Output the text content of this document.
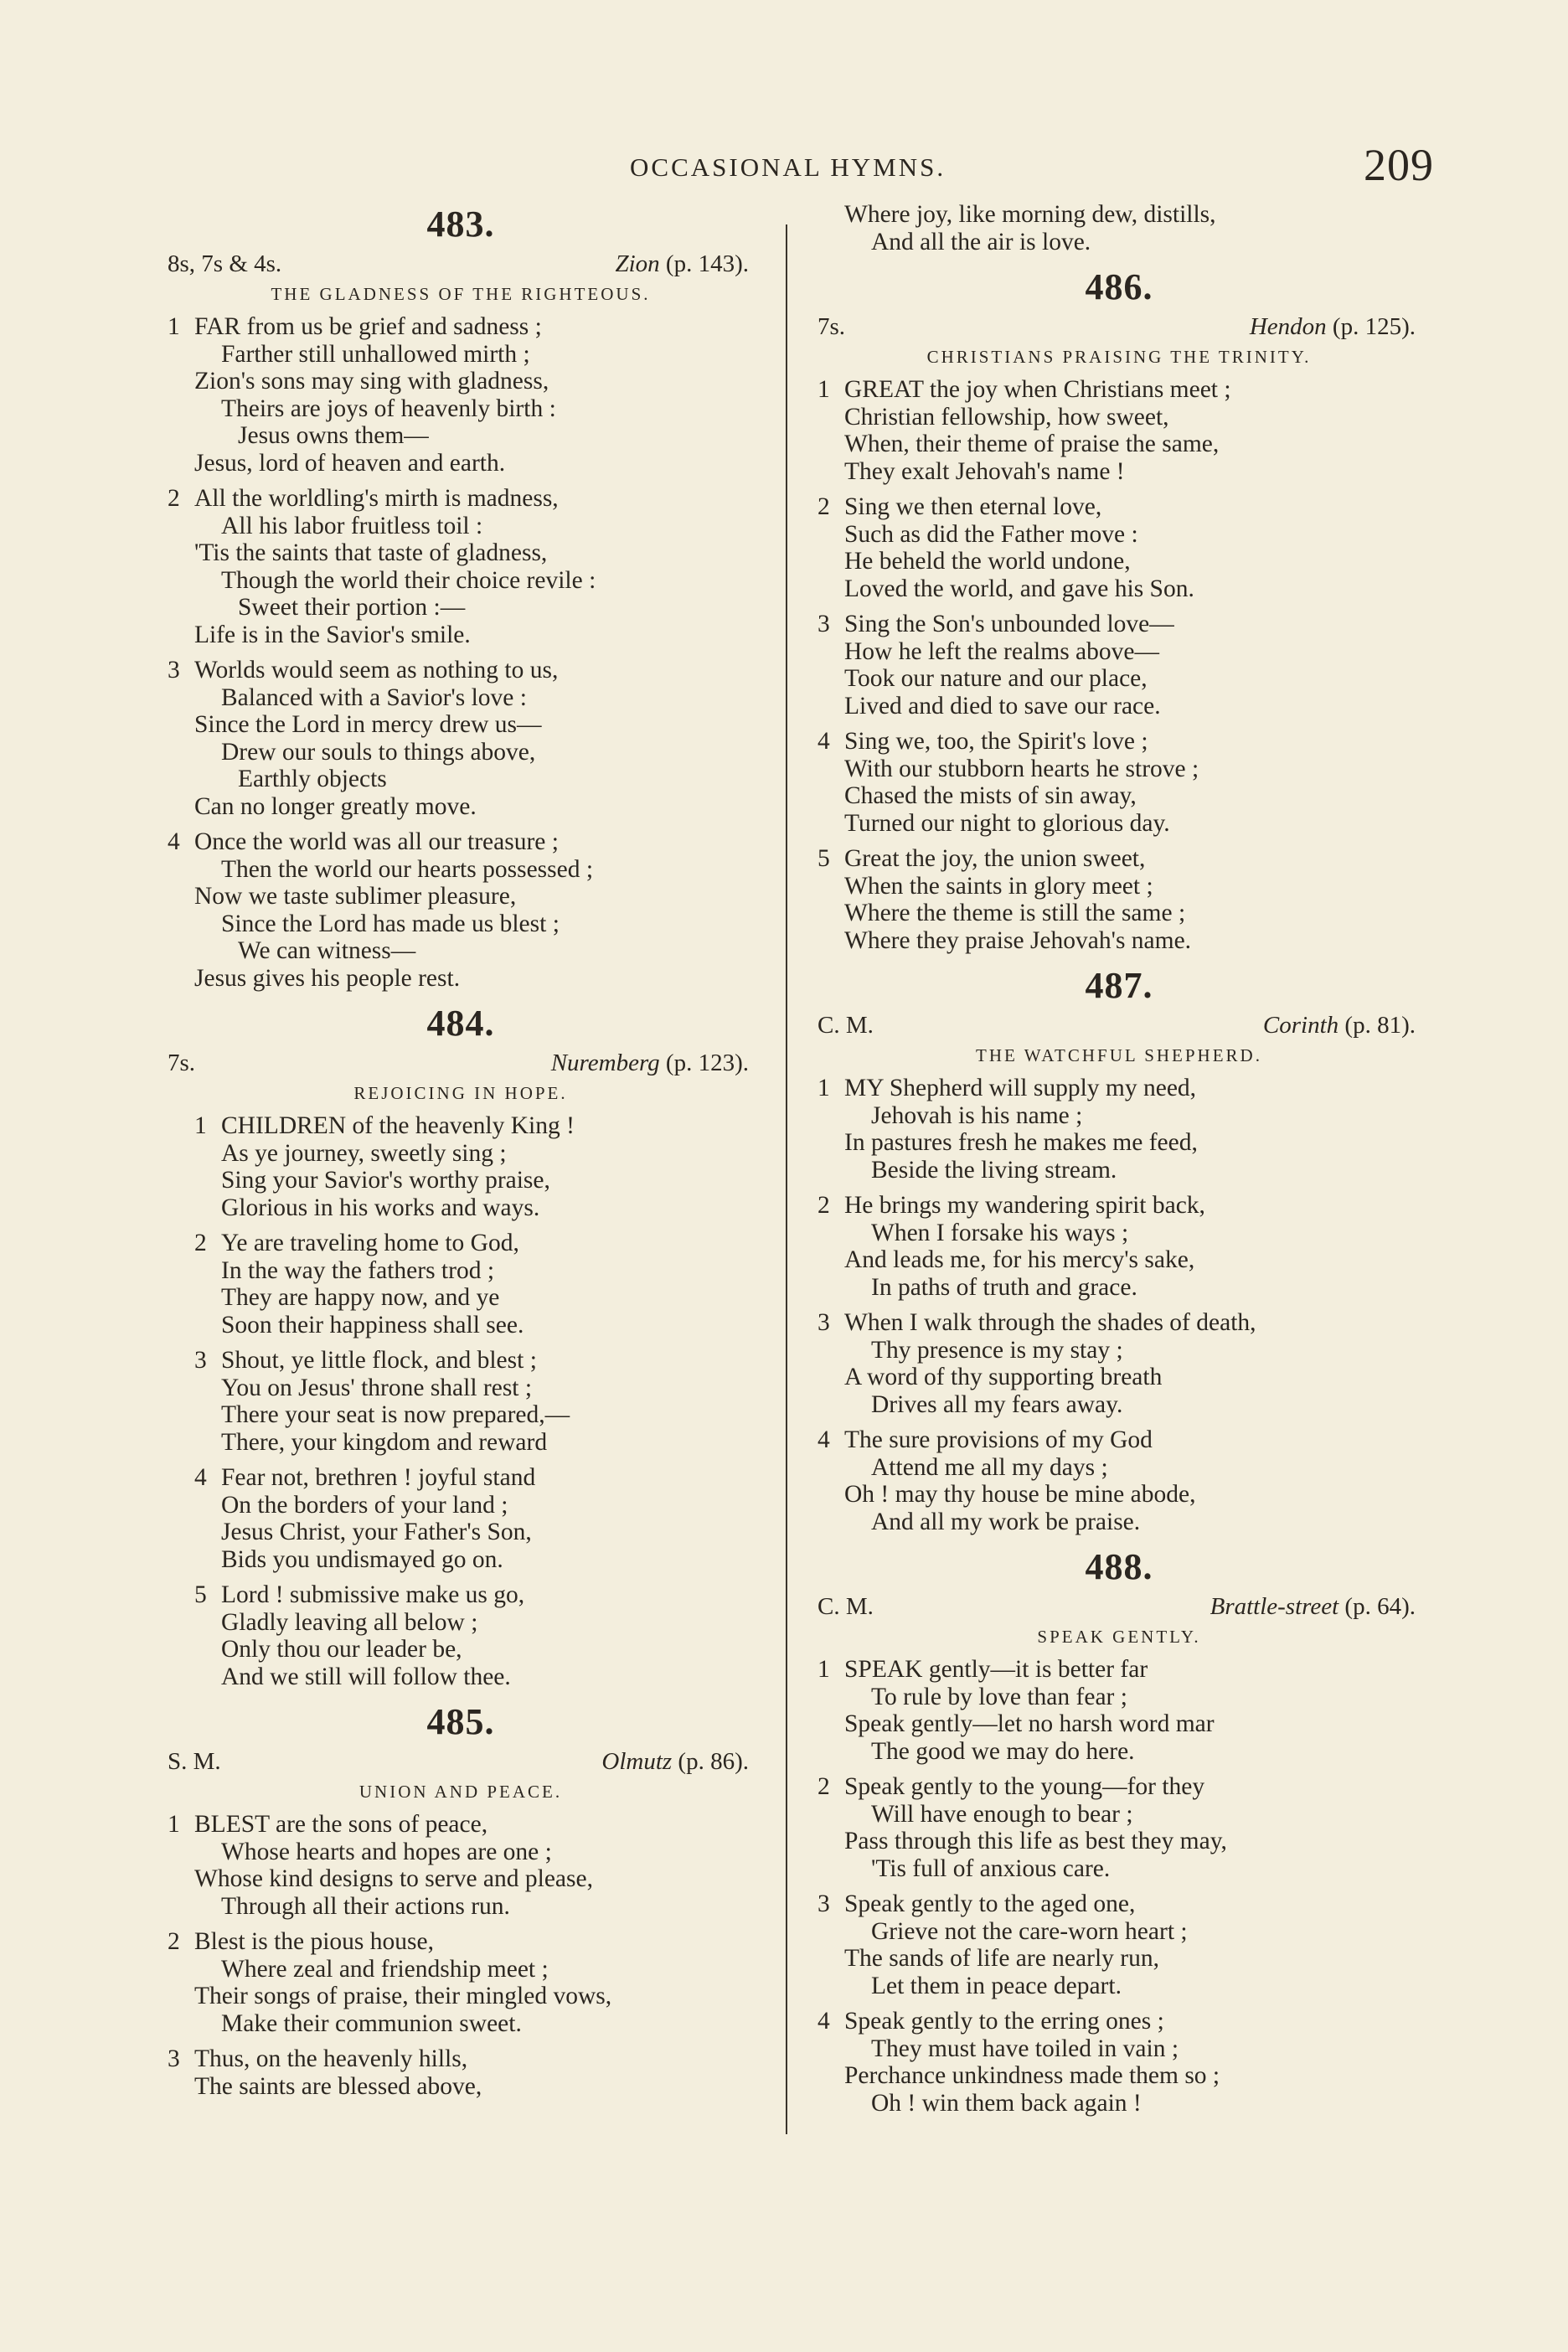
OCCASIONAL HYMNS.	209
483.
8s, 7s & 4s.	Zion (p. 143).
THE GLADNESS OF THE RIGHTEOUS.
1 FAR from us be grief and sadness ;
Farther still unhallowed mirth ;
Zion's sons may sing with gladness,
Theirs are joys of heavenly birth :
Jesus owns them—
Jesus, lord of heaven and earth.
2 All the worldling's mirth is madness,
All his labor fruitless toil :
'Tis the saints that taste of gladness,
Though the world their choice revile :
Sweet their portion :—
Life is in the Savior's smile.
3 Worlds would seem as nothing to us,
Balanced with a Savior's love :
Since the Lord in mercy drew us—
Drew our souls to things above,
Earthly objects
Can no longer greatly move.
4 Once the world was all our treasure ;
Then the world our hearts possessed ;
Now we taste sublimer pleasure,
Since the Lord has made us blest ;
We can witness—
Jesus gives his people rest.
484.
7s.	Nuremberg (p. 123).
REJOICING IN HOPE.
1 CHILDREN of the heavenly King !
As ye journey, sweetly sing ;
Sing your Savior's worthy praise,
Glorious in his works and ways.
2 Ye are traveling home to God,
In the way the fathers trod ;
They are happy now, and ye
Soon their happiness shall see.
3 Shout, ye little flock, and blest ;
You on Jesus' throne shall rest ;
There your seat is now prepared,—
There, your kingdom and reward
4 Fear not, brethren ! joyful stand
On the borders of your land ;
Jesus Christ, your Father's Son,
Bids you undismayed go on.
5 Lord ! submissive make us go,
Gladly leaving all below ;
Only thou our leader be,
And we still will follow thee.
485.
S. M.	Olmutz (p. 86).
UNION AND PEACE.
1 BLEST are the sons of peace,
Whose hearts and hopes are one ;
Whose kind designs to serve and please,
Through all their actions run.
2 Blest is the pious house,
Where zeal and friendship meet ;
Their songs of praise, their mingled vows,
Make their communion sweet.
3 Thus, on the heavenly hills,
The saints are blessed above,
Where joy, like morning dew, distills,
And all the air is love.
486.
7s.	Hendon (p. 125).
CHRISTIANS PRAISING THE TRINITY.
1 GREAT the joy when Christians meet ;
Christian fellowship, how sweet,
When, their theme of praise the same,
They exalt Jehovah's name !
2 Sing we then eternal love,
Such as did the Father move :
He beheld the world undone,
Loved the world, and gave his Son.
3 Sing the Son's unbounded love—
How he left the realms above—
Took our nature and our place,
Lived and died to save our race.
4 Sing we, too, the Spirit's love ;
With our stubborn hearts he strove ;
Chased the mists of sin away,
Turned our night to glorious day.
5 Great the joy, the union sweet,
When the saints in glory meet ;
Where the theme is still the same ;
Where they praise Jehovah's name.
487.
C. M.	Corinth (p. 81).
THE WATCHFUL SHEPHERD.
1 MY Shepherd will supply my need,
Jehovah is his name ;
In pastures fresh he makes me feed,
Beside the living stream.
2 He brings my wandering spirit back,
When I forsake his ways ;
And leads me, for his mercy's sake,
In paths of truth and grace.
3 When I walk through the shades of death,
Thy presence is my stay ;
A word of thy supporting breath
Drives all my fears away.
4 The sure provisions of my God
Attend me all my days ;
Oh ! may thy house be mine abode,
And all my work be praise.
488.
C. M.	Brattle-street (p. 64).
SPEAK GENTLY.
1 SPEAK gently—it is better far
To rule by love than fear ;
Speak gently—let no harsh word mar
The good we may do here.
2 Speak gently to the young—for they
Will have enough to bear ;
Pass through this life as best they may,
'Tis full of anxious care.
3 Speak gently to the aged one,
Grieve not the care-worn heart ;
The sands of life are nearly run,
Let them in peace depart.
4 Speak gently to the erring ones ;
They must have toiled in vain ;
Perchance unkindness made them so ;
Oh ! win them back again !
